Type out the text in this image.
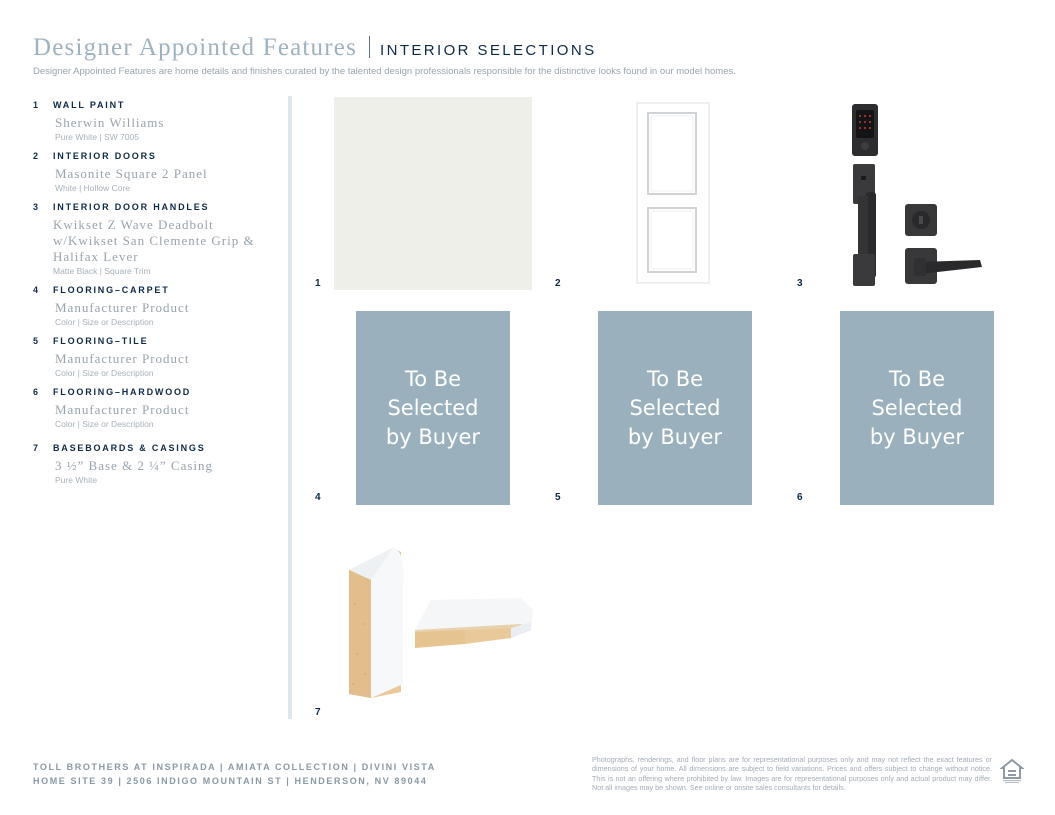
Designer Appointed Features INTERIOR SELECTIONS
Designer Appointed Features are home details and finishes curated by the talented design professionals responsible for the distinctive looks found in our model homes.
1 WALL PAINT
Sherwin Williams
Pure White | SW 7005
2 INTERIOR DOORS
Masonite Square 2 Panel
White | Hollow Core
3 INTERIOR DOOR HANDLES
Kwikset Z Wave Deadbolt w/Kwikset San Clemente Grip & Halifax Lever
Matte Black | Square Trim
4 FLOORING–CARPET
Manufacturer Product
Color | Size or Description
5 FLOORING–TILE
Manufacturer Product
Color | Size or Description
6 FLOORING–HARDWOOD
Manufacturer Product
Color | Size or Description
7 BASEBOARDS & CASINGS
3 ½” Base & 2 ¼” Casing
Pure White
1	2	3
To Be
Selected
by Buyer
4
To Be
Selected
by Buyer
5
To Be
Selected
by Buyer
6
7
TOLL BROTHERS AT INSPIRADA | AMIATA COLLECTION | DIVINI VISTA
HOME SITE 39 | 2506 INDIGO MOUNTAIN ST | HENDERSON, NV 89044
Photographs, renderings, and floor plans are for representational purposes only and may not reflect the exact features or dimensions of your home. All dimensions are subject to field variations. Prices and offers subject to change without notice. This is not an offering where prohibited by law. Images are for representational purposes only and actual product may differ. Not all images may be shown. See online or onsite sales consultants for details.
